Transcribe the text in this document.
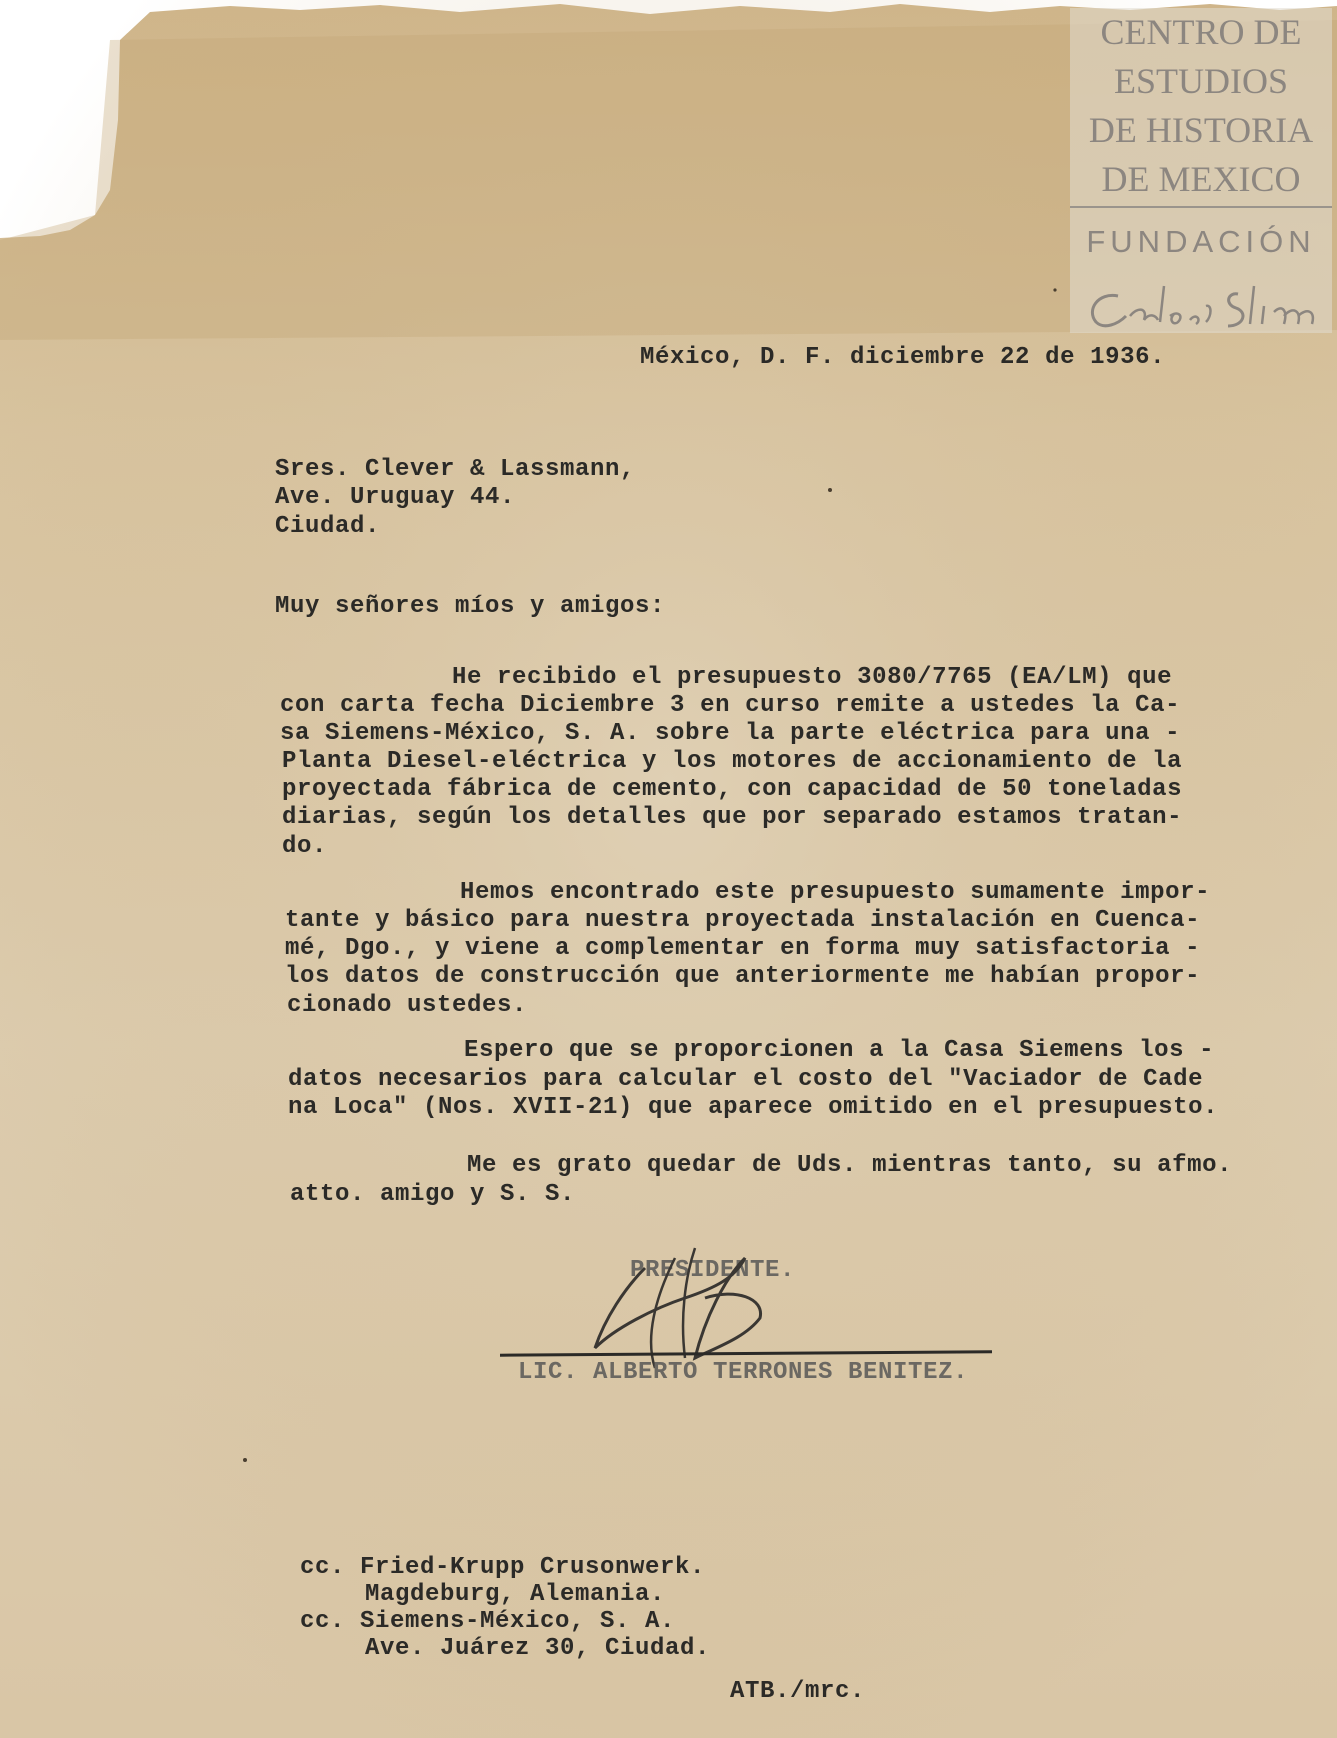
CENTRO DE
ESTUDIOS
DE HISTORIA
DE MEXICO
FUNDACIÓN
México, D. F. diciembre 22 de 1936.
Sres. Clever & Lassmann,
Ave. Uruguay 44.
Ciudad.
Muy señores míos y amigos:
He recibido el presupuesto 3080/7765 (EA/LM) que
con carta fecha Diciembre 3 en curso remite a ustedes la Ca-
sa Siemens-México, S. A. sobre la parte eléctrica para una -
Planta Diesel-eléctrica y los motores de accionamiento de la
proyectada fábrica de cemento, con capacidad de 50 toneladas
diarias, según los detalles que por separado estamos tratan-
do.
Hemos encontrado este presupuesto sumamente impor-
tante y básico para nuestra proyectada instalación en Cuenca-
mé, Dgo., y viene a complementar en forma muy satisfactoria -
los datos de construcción que anteriormente me habían propor-
cionado ustedes.
Espero que se proporcionen a la Casa Siemens los -
datos necesarios para calcular el costo del "Vaciador de Cade
na Loca" (Nos. XVII-21) que aparece omitido en el presupuesto.
Me es grato quedar de Uds. mientras tanto, su afmo.
atto. amigo y S. S.
PRESIDENTE.
LIC. ALBERTO TERRONES BENITEZ.
cc. Fried-Krupp Crusonwerk.
Magdeburg, Alemania.
cc. Siemens-México, S. A.
Ave. Juárez 30, Ciudad.
ATB./mrc.
